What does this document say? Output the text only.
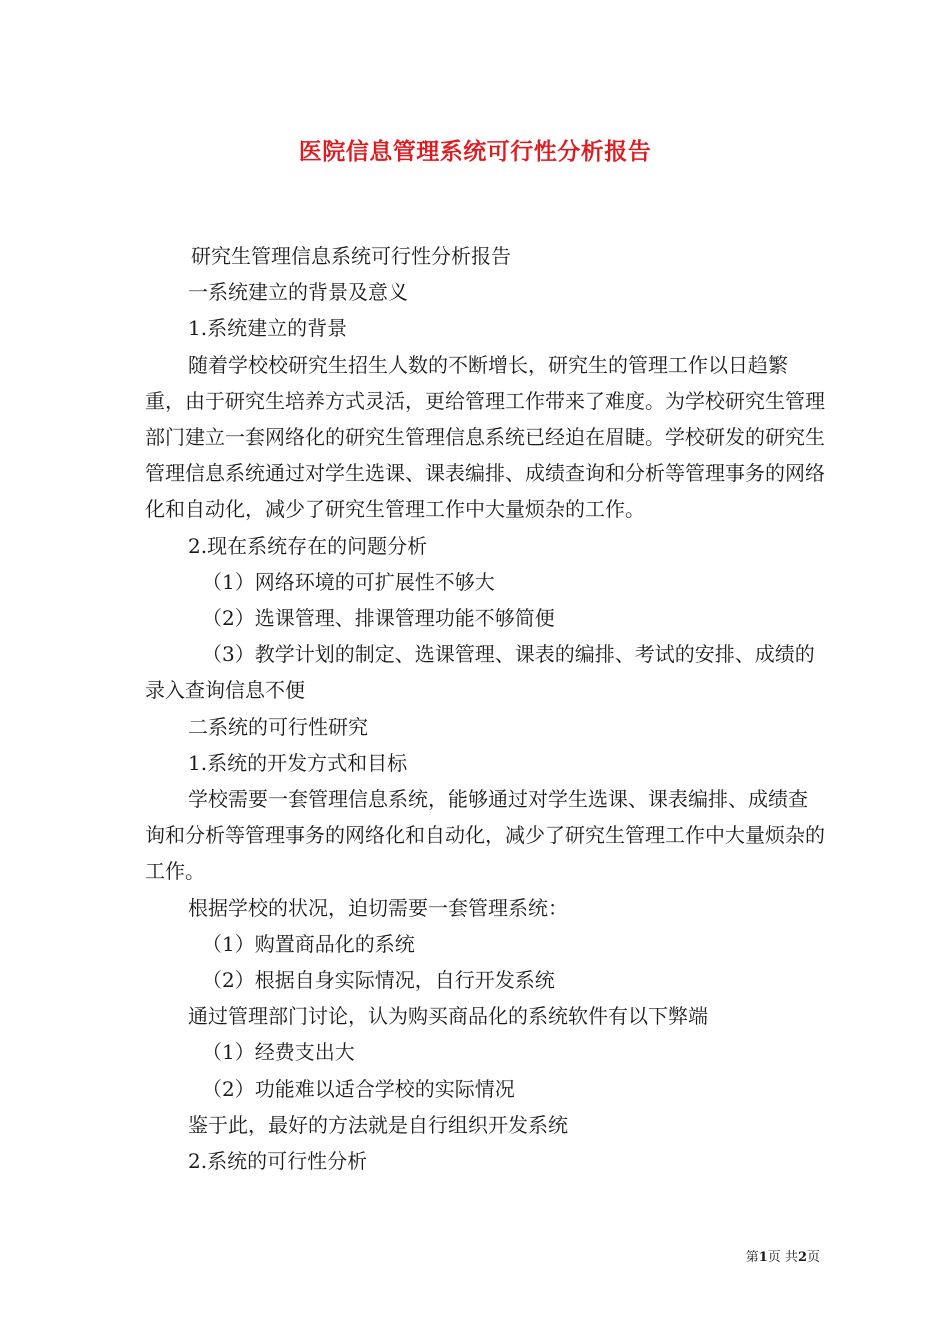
医院信息管理系统可行性分析报告

研究生管理信息系统可行性分析报告

一系统建立的背景及意义

1.系统建立的背景

随着学校校研究生招生人数的不断增长，研究生的管理工作以日趋繁重，由于研究生培养方式灵活，更给管理工作带来了难度。为学校研究生管理部门建立一套网络化的研究生管理信息系统已经迫在眉睫。学校研发的研究生管理信息系统通过对学生选课、课表编排、成绩查询和分析等管理事务的网络化和自动化，减少了研究生管理工作中大量烦杂的工作。

2.现在系统存在的问题分析

（1）网络环境的可扩展性不够大

（2）选课管理、排课管理功能不够简便

（3）教学计划的制定、选课管理、课表的编排、考试的安排、成绩的录入查询信息不便

二系统的可行性研究

1.系统的开发方式和目标

学校需要一套管理信息系统，能够通过对学生选课、课表编排、成绩查询和分析等管理事务的网络化和自动化，减少了研究生管理工作中大量烦杂的工作。

根据学校的状况，迫切需要一套管理系统：

（1）购置商品化的系统

（2）根据自身实际情况，自行开发系统

通过管理部门讨论，认为购买商品化的系统软件有以下弊端

（1）经费支出大

（2）功能难以适合学校的实际情况

鉴于此，最好的方法就是自行组织开发系统

2.系统的可行性分析

第1页 共2页
